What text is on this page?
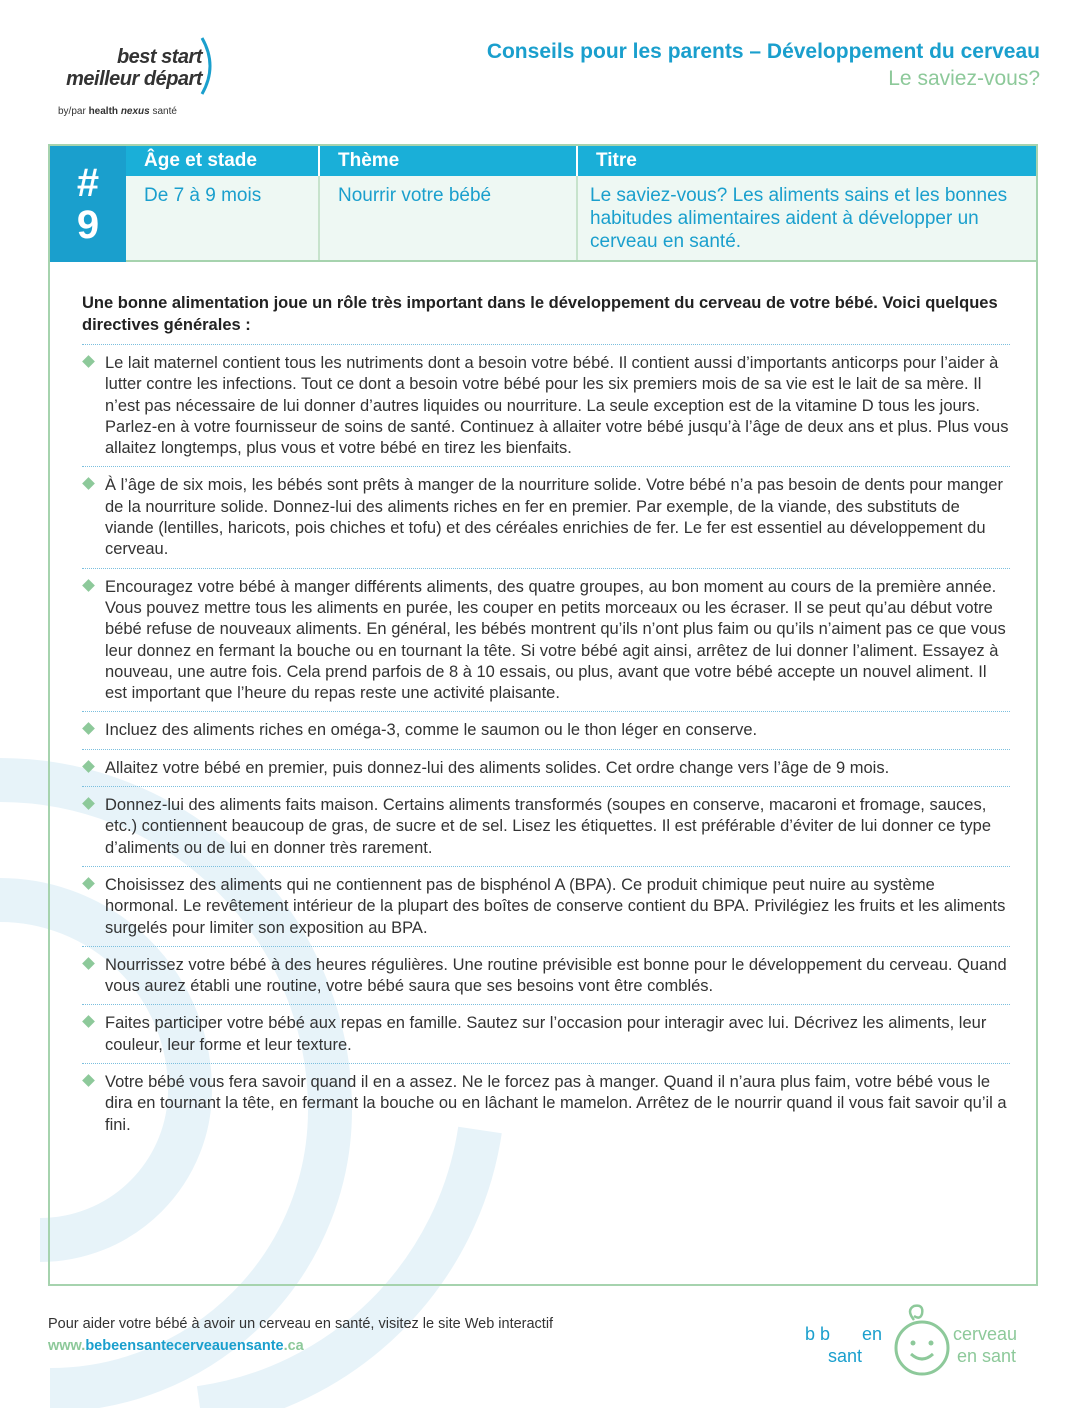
best start
meilleur départ
by/par health nexus santé
Conseils pour les parents – Développement du cerveau
Le saviez-vous?
#
9
Âge et stade	Thème	Titre
De 7 à 9 mois	Nourrir votre bébé	Le saviez-vous? Les aliments sains et les bonnes habitudes alimentaires aident à développer un cerveau en santé.
Une bonne alimentation joue un rôle très important dans le développement du cerveau de votre bébé. Voici quelques directives générales :
Le lait maternel contient tous les nutriments dont a besoin votre bébé. Il contient aussi d’importants anticorps pour l’aider à lutter contre les infections. Tout ce dont a besoin votre bébé pour les six premiers mois de sa vie est le lait de sa mère. Il n’est pas nécessaire de lui donner d’autres liquides ou nourriture. La seule exception est de la vitamine D tous les jours. Parlez-en à votre fournisseur de soins de santé. Continuez à allaiter votre bébé jusqu’à l’âge de deux ans et plus. Plus vous allaitez longtemps, plus vous et votre bébé en tirez les bienfaits.
À l’âge de six mois, les bébés sont prêts à manger de la nourriture solide. Votre bébé n’a pas besoin de dents pour manger de la nourriture solide. Donnez-lui des aliments riches en fer en premier. Par exemple, de la viande, des substituts de viande (lentilles, haricots, pois chiches et tofu) et des céréales enrichies de fer. Le fer est essentiel au développement du cerveau.
Encouragez votre bébé à manger différents aliments, des quatre groupes, au bon moment au cours de la première année. Vous pouvez mettre tous les aliments en purée, les couper en petits morceaux ou les écraser. Il se peut qu’au début votre bébé refuse de nouveaux aliments. En général, les bébés montrent qu’ils n’ont plus faim ou qu’ils n’aiment pas ce que vous leur donnez en fermant la bouche ou en tournant la tête. Si votre bébé agit ainsi, arrêtez de lui donner l’aliment. Essayez à nouveau, une autre fois. Cela prend parfois de 8 à 10 essais, ou plus, avant que votre bébé accepte un nouvel aliment. Il est important que l’heure du repas reste une activité plaisante.
Incluez des aliments riches en oméga-3, comme le saumon ou le thon léger en conserve.
Allaitez votre bébé en premier, puis donnez-lui des aliments solides. Cet ordre change vers l’âge de 9 mois.
Donnez-lui des aliments faits maison. Certains aliments transformés (soupes en conserve, macaroni et fromage, sauces, etc.) contiennent beaucoup de gras, de sucre et de sel. Lisez les étiquettes. Il est préférable d’éviter de lui donner ce type d’aliments ou de lui en donner très rarement.
Choisissez des aliments qui ne contiennent pas de bisphénol A (BPA). Ce produit chimique peut nuire au système hormonal. Le revêtement intérieur de la plupart des boîtes de conserve contient du BPA. Privilégiez les fruits et les aliments surgelés pour limiter son exposition au BPA.
Nourrissez votre bébé à des heures régulières. Une routine prévisible est bonne pour le développement du cerveau. Quand vous aurez établi une routine, votre bébé saura que ses besoins vont être comblés.
Faites participer votre bébé aux repas en famille. Sautez sur l’occasion pour interagir avec lui. Décrivez les aliments, leur couleur, leur forme et leur texture.
Votre bébé vous fera savoir quand il en a assez. Ne le forcez pas à manger. Quand il n’aura plus faim, votre bébé vous le dira en tournant la tête, en fermant la bouche ou en lâchant le mamelon. Arrêtez de le nourrir quand il vous fait savoir qu’il a fini.
Pour aider votre bébé à avoir un cerveau en santé, visitez le site Web interactif
www.bebeensantecerveauensante.ca
b b en
sant
cerveau
en sant
